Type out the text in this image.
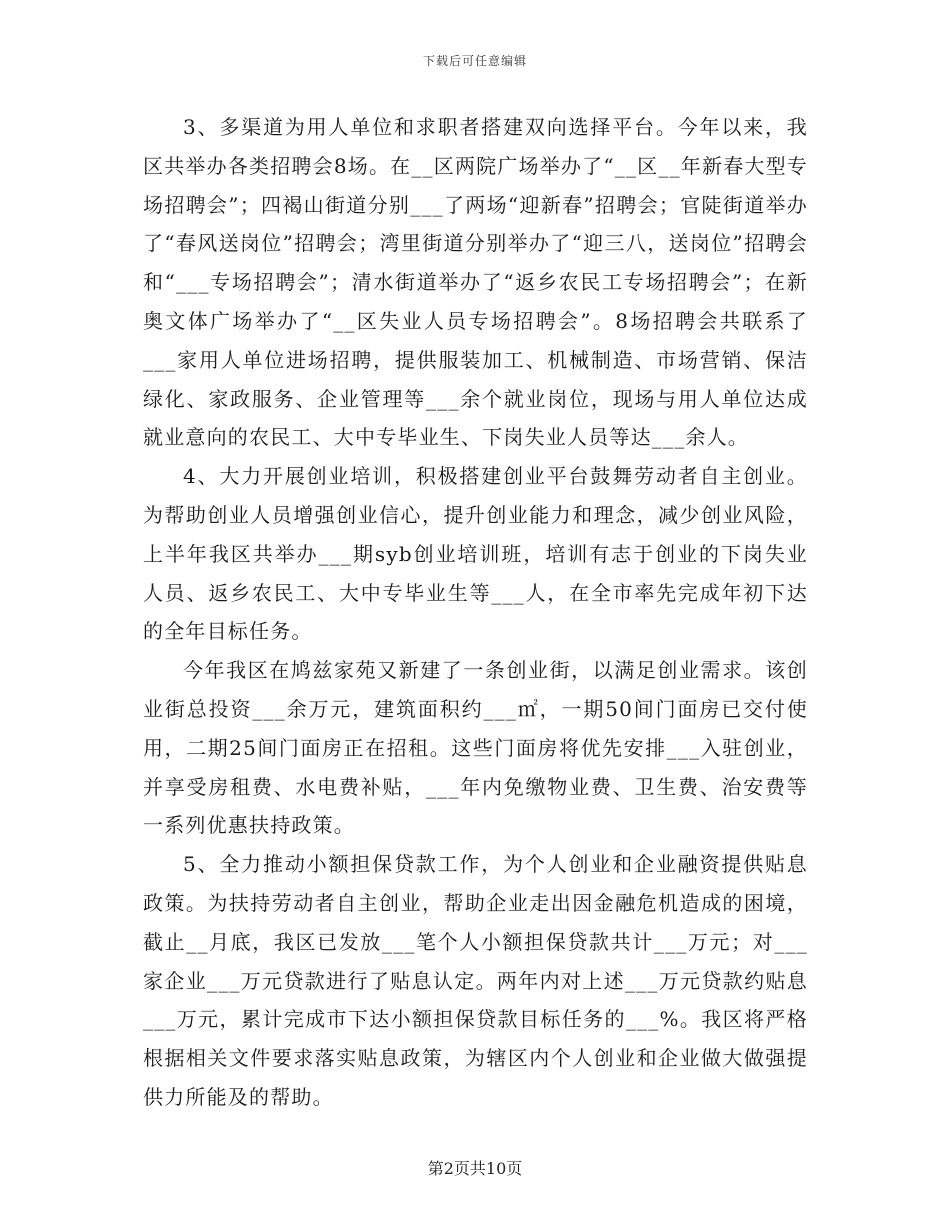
下载后可任意编辑

3、多渠道为用人单位和求职者搭建双向选择平台。今年以来，我区共举办各类招聘会8场。在__区两院广场举办了“__区__年新春大型专场招聘会”；四褐山街道分别___了两场“迎新春”招聘会；官陡街道举办了“春风送岗位”招聘会；湾里街道分别举办了“迎三八，送岗位”招聘会和“___专场招聘会”；清水街道举办了“返乡农民工专场招聘会”；在新奥文体广场举办了“__区失业人员专场招聘会”。8场招聘会共联系了___家用人单位进场招聘，提供服装加工、机械制造、市场营销、保洁绿化、家政服务、企业管理等___余个就业岗位，现场与用人单位达成就业意向的农民工、大中专毕业生、下岗失业人员等达___余人。

4、大力开展创业培训，积极搭建创业平台鼓舞劳动者自主创业。为帮助创业人员增强创业信心，提升创业能力和理念，减少创业风险，上半年我区共举办___期syb创业培训班，培训有志于创业的下岗失业人员、返乡农民工、大中专毕业生等___人，在全市率先完成年初下达的全年目标任务。

今年我区在鸠兹家苑又新建了一条创业街，以满足创业需求。该创业街总投资___余万元，建筑面积约___㎡，一期50间门面房已交付使用，二期25间门面房正在招租。这些门面房将优先安排___入驻创业，并享受房租费、水电费补贴，___年内免缴物业费、卫生费、治安费等一系列优惠扶持政策。

5、全力推动小额担保贷款工作，为个人创业和企业融资提供贴息政策。为扶持劳动者自主创业，帮助企业走出因金融危机造成的困境，截止__月底，我区已发放___笔个人小额担保贷款共计___万元；对___家企业___万元贷款进行了贴息认定。两年内对上述___万元贷款约贴息___万元，累计完成市下达小额担保贷款目标任务的___%。我区将严格根据相关文件要求落实贴息政策，为辖区内个人创业和企业做大做强提供力所能及的帮助。

第2页共10页
